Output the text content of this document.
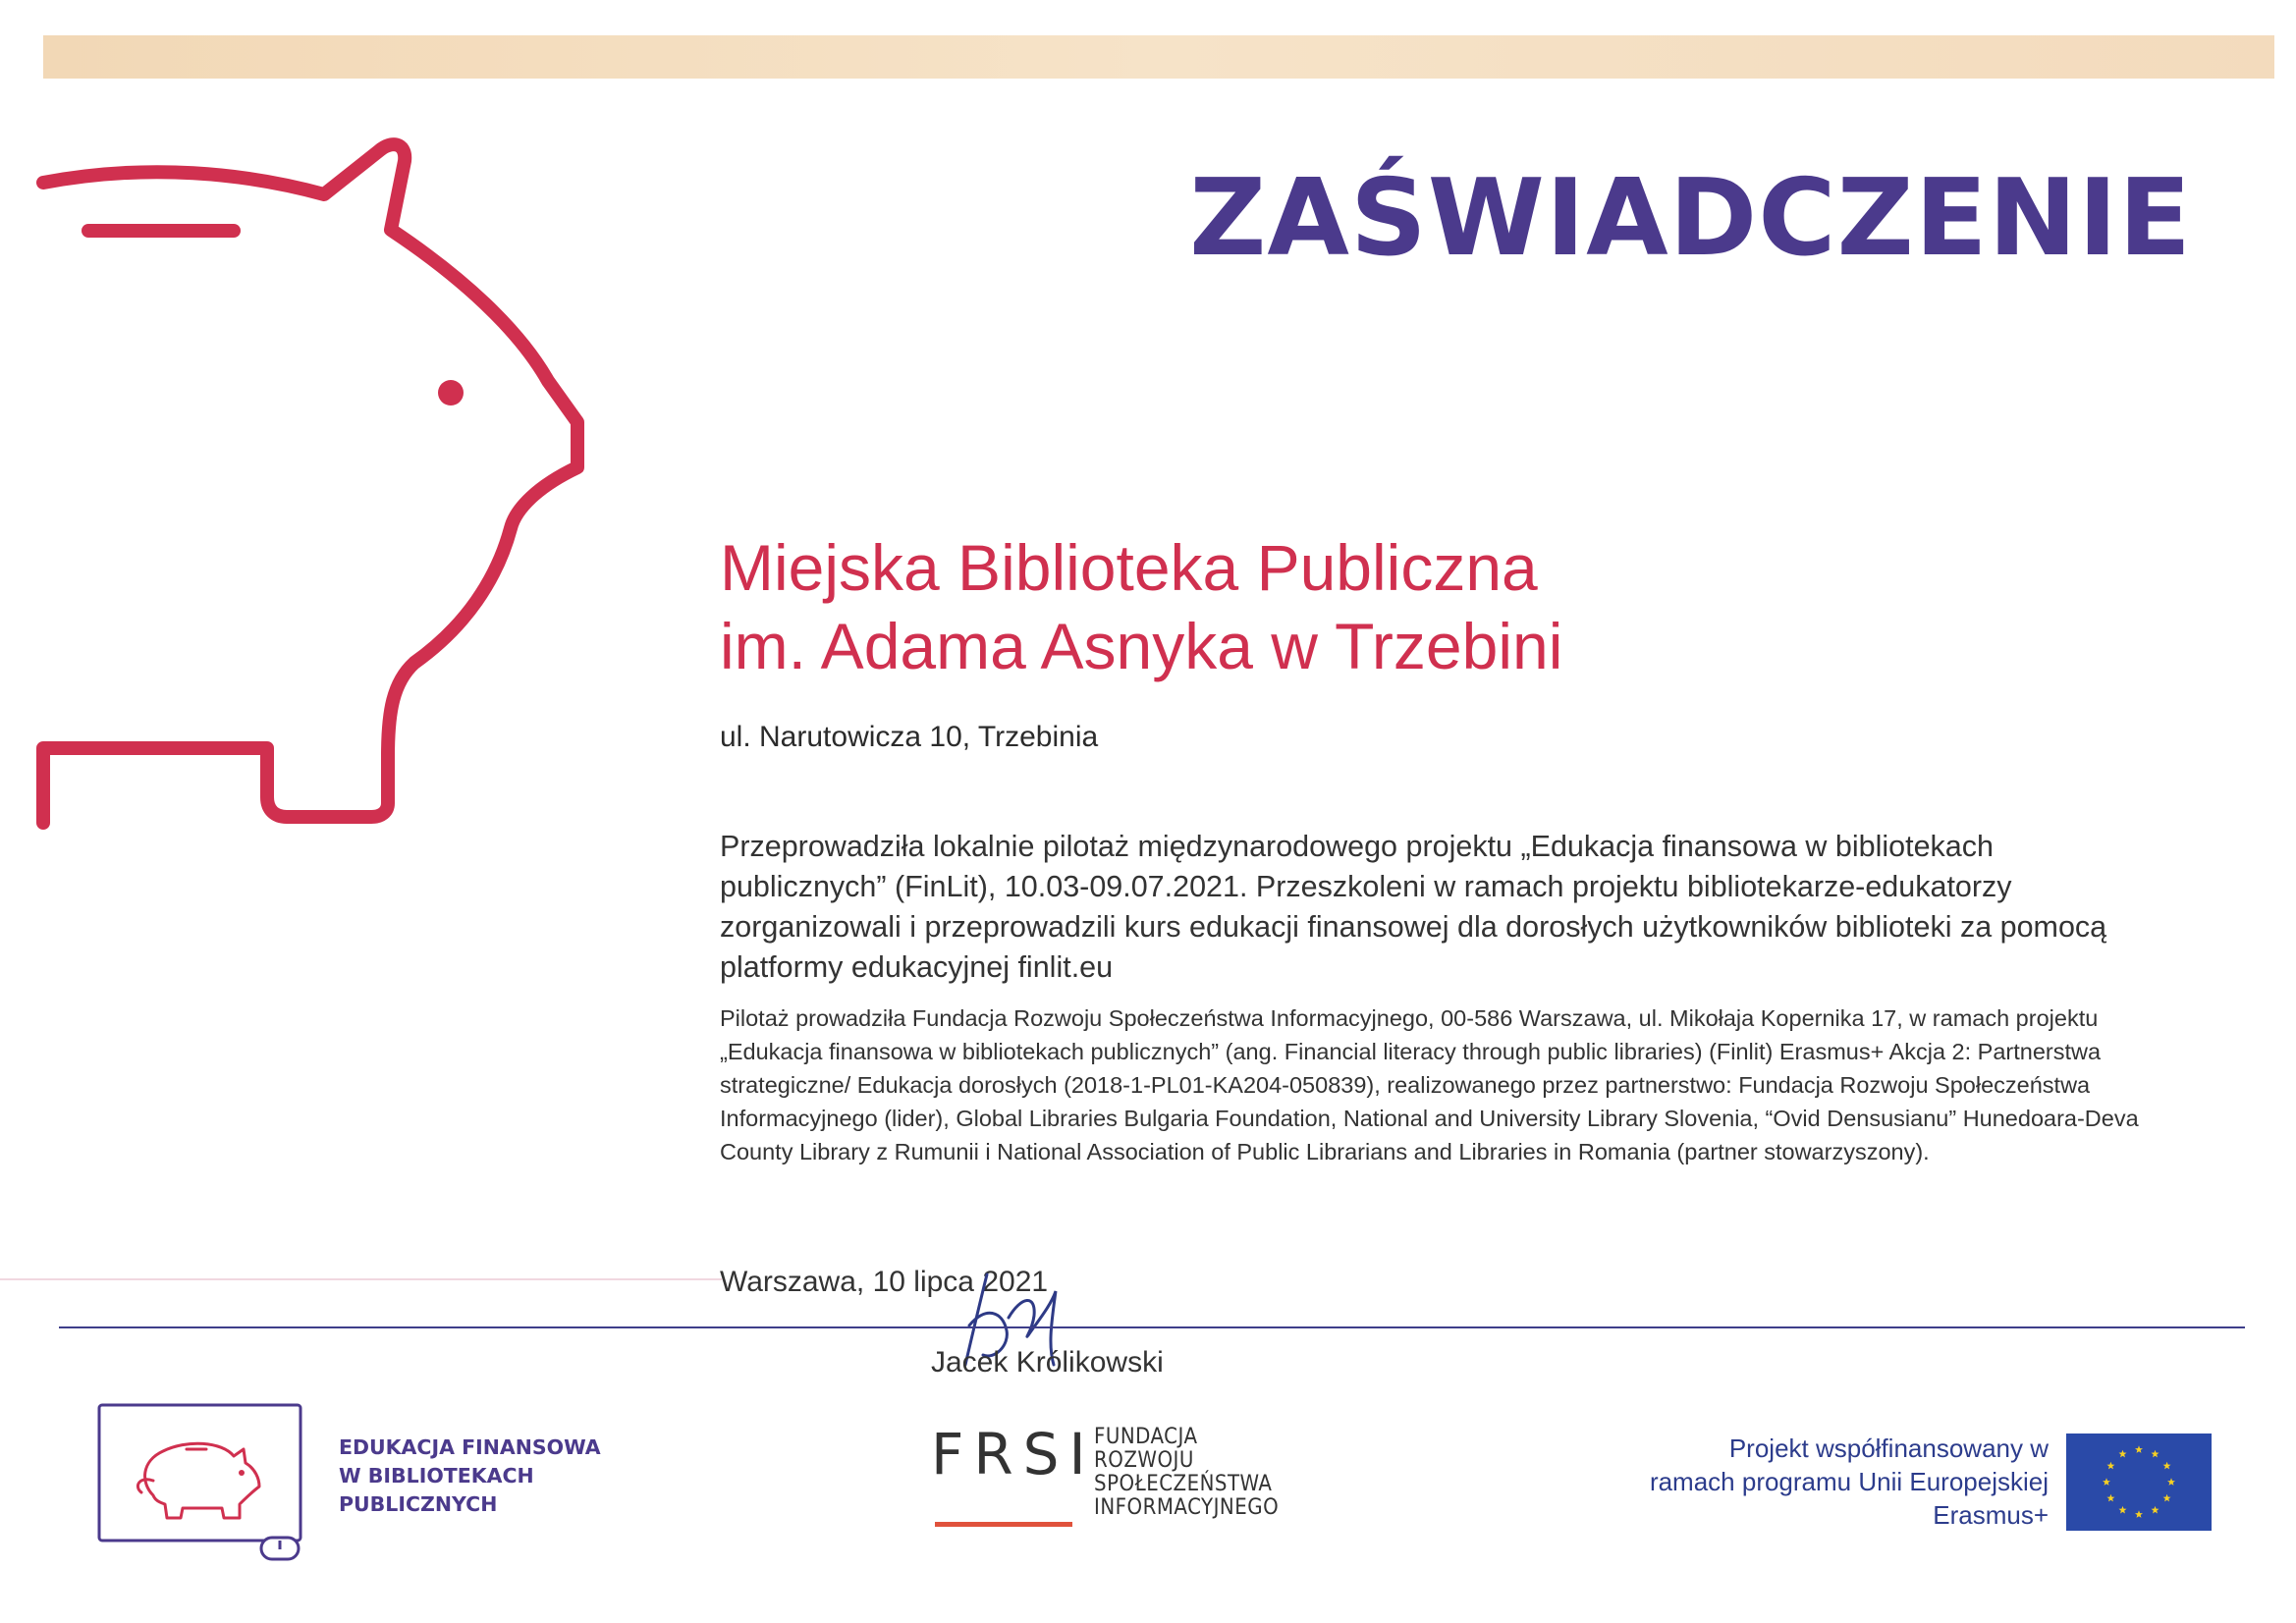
ZAŚWIADCZENIE
Miejska Biblioteka Publiczna
im. Adama Asnyka w Trzebini
ul. Narutowicza 10, Trzebinia
Przeprowadziła lokalnie pilotaż międzynarodowego projektu „Edukacja finansowa w bibliotekach publicznych” (FinLit), 10.03-09.07.2021. Przeszkoleni w ramach projektu bibliotekarze-edukatorzy zorganizowali i przeprowadzili kurs edukacji finansowej dla dorosłych użytkowników biblioteki za pomocą platformy edukacyjnej finlit.eu
Pilotaż prowadziła Fundacja Rozwoju Społeczeństwa Informacyjnego, 00-586 Warszawa, ul. Mikołaja Kopernika 17, w ramach projektu „Edukacja finansowa w bibliotekach publicznych” (ang. Financial literacy through public libraries) (Finlit) Erasmus+ Akcja 2: Partnerstwa strategiczne/ Edukacja dorosłych (2018-1-PL01-KA204-050839), realizowanego przez partnerstwo: Fundacja Rozwoju Społeczeństwa Informacyjnego (lider), Global Libraries Bulgaria Foundation, National and University Library Slovenia, “Ovid Densusianu” Hunedoara-Deva County Library z Rumunii i National Association of Public Librarians and Libraries in Romania (partner stowarzyszony).
Warszawa, 10 lipca 2021
Jacek Królikowski
EDUKACJA FINANSOWA
W BIBLIOTEKACH
PUBLICZNYCH
FRSI
FUNDACJA
ROZWOJU
SPOŁECZEŃSTWA
INFORMACYJNEGO
Projekt współfinansowany w
ramach programu Unii Europejskiej
Erasmus+
